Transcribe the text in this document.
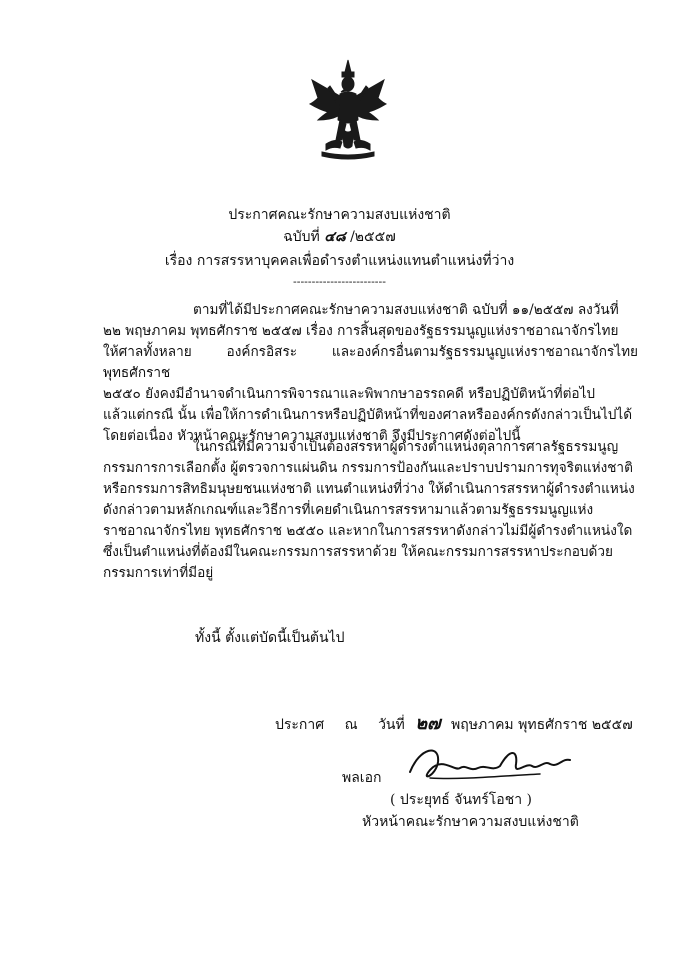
ประกาศคณะรักษาความสงบแห่งชาติ
ฉบับที่ ๔๘ /๒๕๕๗
เรื่อง การสรรหาบุคคลเพื่อดำรงตำแหน่งแทนตำแหน่งที่ว่าง
-------------------------

ตามที่ได้มีประกาศคณะรักษาความสงบแห่งชาติ ฉบับที่ ๑๑/๒๕๕๗ ลงวันที่

๒๒ พฤษภาคม พุทธศักราช ๒๕๕๗ เรื่อง การสิ้นสุดของรัฐธรรมนูญแห่งราชอาณาจักรไทย

ให้ศาลทั้งหลาย องค์กรอิสระ และองค์กรอื่นตามรัฐธรรมนูญแห่งราชอาณาจักรไทย พุทธศักราช

๒๕๕๐ ยังคงมีอำนาจดำเนินการพิจารณาและพิพากษาอรรถคดี หรือปฏิบัติหน้าที่ต่อไป

แล้วแต่กรณี นั้น เพื่อให้การดำเนินการหรือปฏิบัติหน้าที่ของศาลหรือองค์กรดังกล่าวเป็นไปได้

โดยต่อเนื่อง หัวหน้าคณะรักษาความสงบแห่งชาติ จึงมีประกาศดังต่อไปนี้

ในกรณีที่มีความจำเป็นต้องสรรหาผู้ดำรงตำแหน่งตุลาการศาลรัฐธรรมนูญ

กรรมการการเลือกตั้ง ผู้ตรวจการแผ่นดิน กรรมการป้องกันและปราบปรามการทุจริตแห่งชาติ

หรือกรรมการสิทธิมนุษยชนแห่งชาติ แทนตำแหน่งที่ว่าง ให้ดำเนินการสรรหาผู้ดำรงตำแหน่ง

ดังกล่าวตามหลักเกณฑ์และวิธีการที่เคยดำเนินการสรรหามาแล้วตามรัฐธรรมนูญแห่ง

ราชอาณาจักรไทย พุทธศักราช ๒๕๕๐ และหากในการสรรหาดังกล่าวไม่มีผู้ดำรงตำแหน่งใด

ซึ่งเป็นตำแหน่งที่ต้องมีในคณะกรรมการสรรหาด้วย ให้คณะกรรมการสรรหาประกอบด้วย

กรรมการเท่าที่มีอยู่

ทั้งนี้ ตั้งแต่บัดนี้เป็นต้นไป
ประกาศ ณ วันที่ ๒๗ พฤษภาคม พุทธศักราช ๒๕๕๗
พลเอก
( ประยุทธ์ จันทร์โอชา )
หัวหน้าคณะรักษาความสงบแห่งชาติ
